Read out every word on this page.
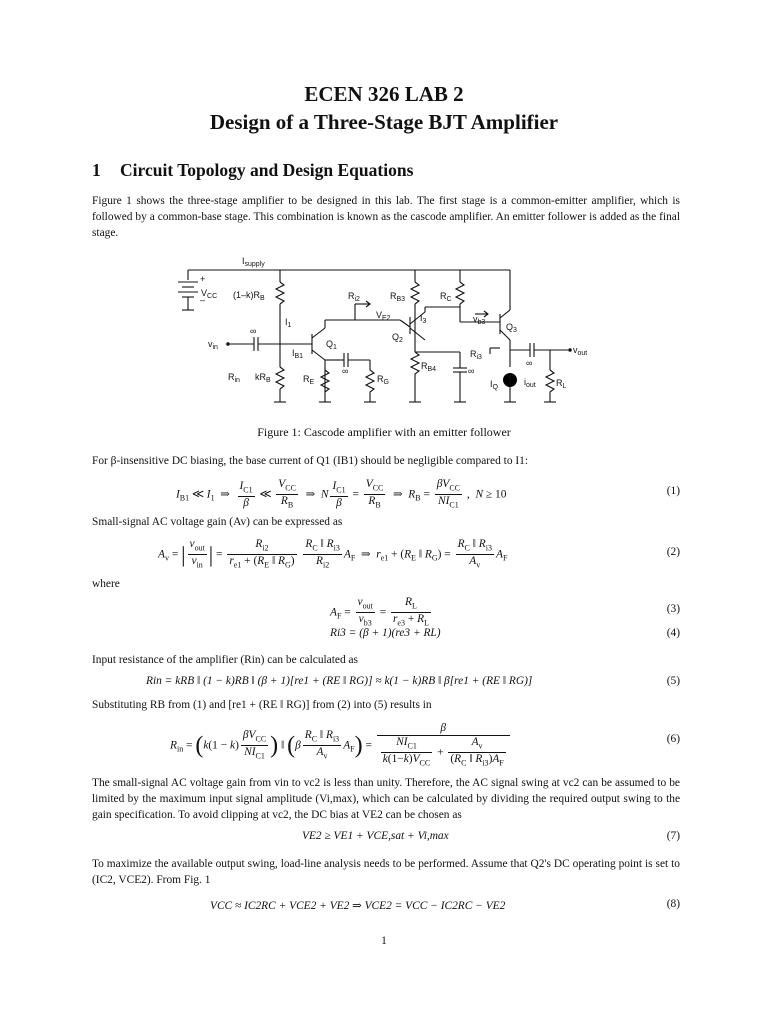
ECEN 326 LAB 2
Design of a Three-Stage BJT Amplifier
1 Circuit Topology and Design Equations
Figure 1 shows the three-stage amplifier to be designed in this lab. The first stage is a common-emitter amplifier, which is followed by a common-base stage. This combination is known as the cascode amplifier. An emitter follower is added as the final stage.
+
–
$V_{CC}$
$I_{supply}$
$(1-k)R_B$
$I_1$
$kR_B$
$v_{in}$
∞
$R_{in}$
$I_{B1}$
$Q_1$
$R_E$
∞
$R_G$
$R_{i2}$
$V_{E2}$
$Q_2$
$R_{B3}$
$I_3$
$R_{B4}$	∞
$R_C$
$v_{b3}$ $Q_3$
$R_{i3}$
$I_Q$
∞
$v_{out}$
$R_L$
$i_{out}$
Figure 1: Cascode amplifier with an emitter follower
For β-insensitive DC biasing, the base current of Q1 (IB1) should be negligible compared to I1:
$I_{B1}$ ≪ $I_1$  ⇒ $\frac{I_{C1}}{\beta}$ ≪ $\frac{V_{CC}}{R_B}$ ⇒  N $\frac{I_{C1}}{\beta} = \frac{V_{CC}}{R_B}$ ⇒  $R_B = \frac{\beta V_{CC}}{NI_{C1}}$ ,  N ≥ 10	(1)
Small-signal AC voltage gain (Av) can be expressed as
$A_v$ = | $\frac{v_{out}}{v_{in}}$ | = $\frac{R_{i2}}{r_{e1} + (R_E ‖ R_G)}$
$\frac{R_C ‖ R_{i3}}{R_{i2}} A_F$  ⇒  $r_{e1} + (R_E$ ‖ $R_G) = \frac{R_C ‖ R_{i3}}{A_v} A_F$
(2)
where
$A_F = \frac{v_{out}}{v_{b3}} = \frac{R_L}{r_{e3} + R_L}$	(3)
Ri3 = (β + 1)(re3 + RL)	(4)
Input resistance of the amplifier (Rin) can be calculated as
Rin = kRB ‖ (1 − k)RB ‖ (β + 1)[re1 + (RE ‖ RG)] ≈ k(1 − k)RB ‖ β[re1 + (RE ‖ RG)]	(5)
Substituting RB from (1) and [re1 + (RE ‖ RG)] from (2) into (5) results in
$R_{in} = (k(1 - k) \frac{\beta V_{CC}}{NI_{C1}}$ ) ‖ $(\beta \frac{R_C ‖ R_{i3}}{A_v} A_F) = \frac{\beta}{\frac{NI_{C1}}{k(1-k)V_{CC}} + \frac{A_v}{(R_C ‖ R_{i3})A_F}}$	(6)
The small-signal AC voltage gain from vin to vc2 is less than unity. Therefore, the AC signal swing at vc2 can be assumed to be limited by the maximum input signal amplitude (Vi,max), which can be calculated by dividing the required output swing to the gain specification. To avoid clipping at vc2, the DC bias at VE2 can be chosen as
VE2 ≥ VE1 + VCE,sat + Vi,max	(7)
To maximize the available output swing, load-line analysis needs to be performed. Assume that Q2's DC operating point is set to (IC2, VCE2). From Fig. 1
VCC ≈ IC2RC + VCE2 + VE2 ⇒ VCE2 = VCC − IC2RC − VE2	(8)
1
